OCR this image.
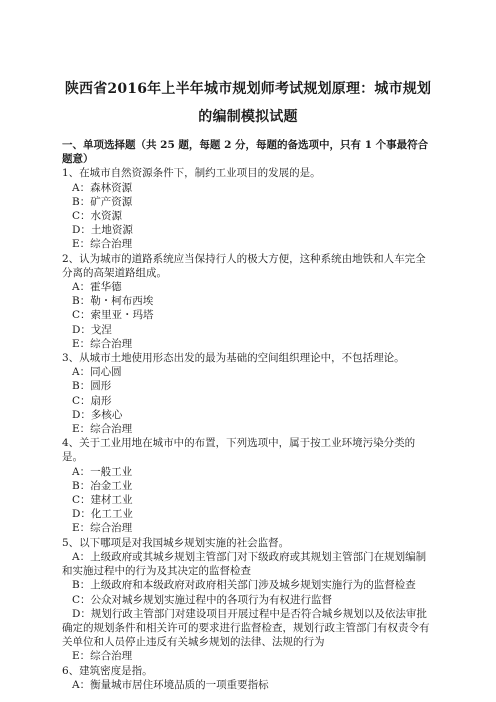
陕西省2016年上半年城市规划师考试规划原理：城市规划
的编制模拟试题
一、单项选择题（共 25 题，每题 2 分，每题的备选项中，只有 1 个事最符合题意）
1、在城市自然资源条件下，制约工业项目的发展的是。
A：森林资源
B：矿产资源
C：水资源
D：土地资源
E：综合治理
2、认为城市的道路系统应当保持行人的极大方便，这种系统由地铁和人车完全分离的高架道路组成。
A：霍华德
B：勒・柯布西埃
C：索里亚・玛塔
D：戈涅
E：综合治理
3、从城市土地使用形态出发的最为基础的空间组织理论中，不包括理论。
A：同心圆
B：圆形
C：扇形
D：多核心
E：综合治理
4、关于工业用地在城市中的布置，下列选项中，属于按工业环境污染分类的是。
A：一般工业
B：冶金工业
C：建材工业
D：化工工业
E：综合治理
5、以下哪项是对我国城乡规划实施的社会监督。
A：上级政府或其城乡规划主管部门对下级政府或其规划主管部门在规划编制和实施过程中的行为及其决定的监督检查
B：上级政府和本级政府对政府相关部门涉及城乡规划实施行为的监督检查
C：公众对城乡规划实施过程中的各项行为有权进行监督
D：规划行政主管部门对建设项目开展过程中是否符合城乡规划以及依法审批确定的规划条件和相关许可的要求进行监督检查，规划行政主管部门有权责令有关单位和人员停止违反有关城乡规划的法律、法规的行为
E：综合治理
6、建筑密度是指。
A：衡量城市居住环境品质的一项重要指标
